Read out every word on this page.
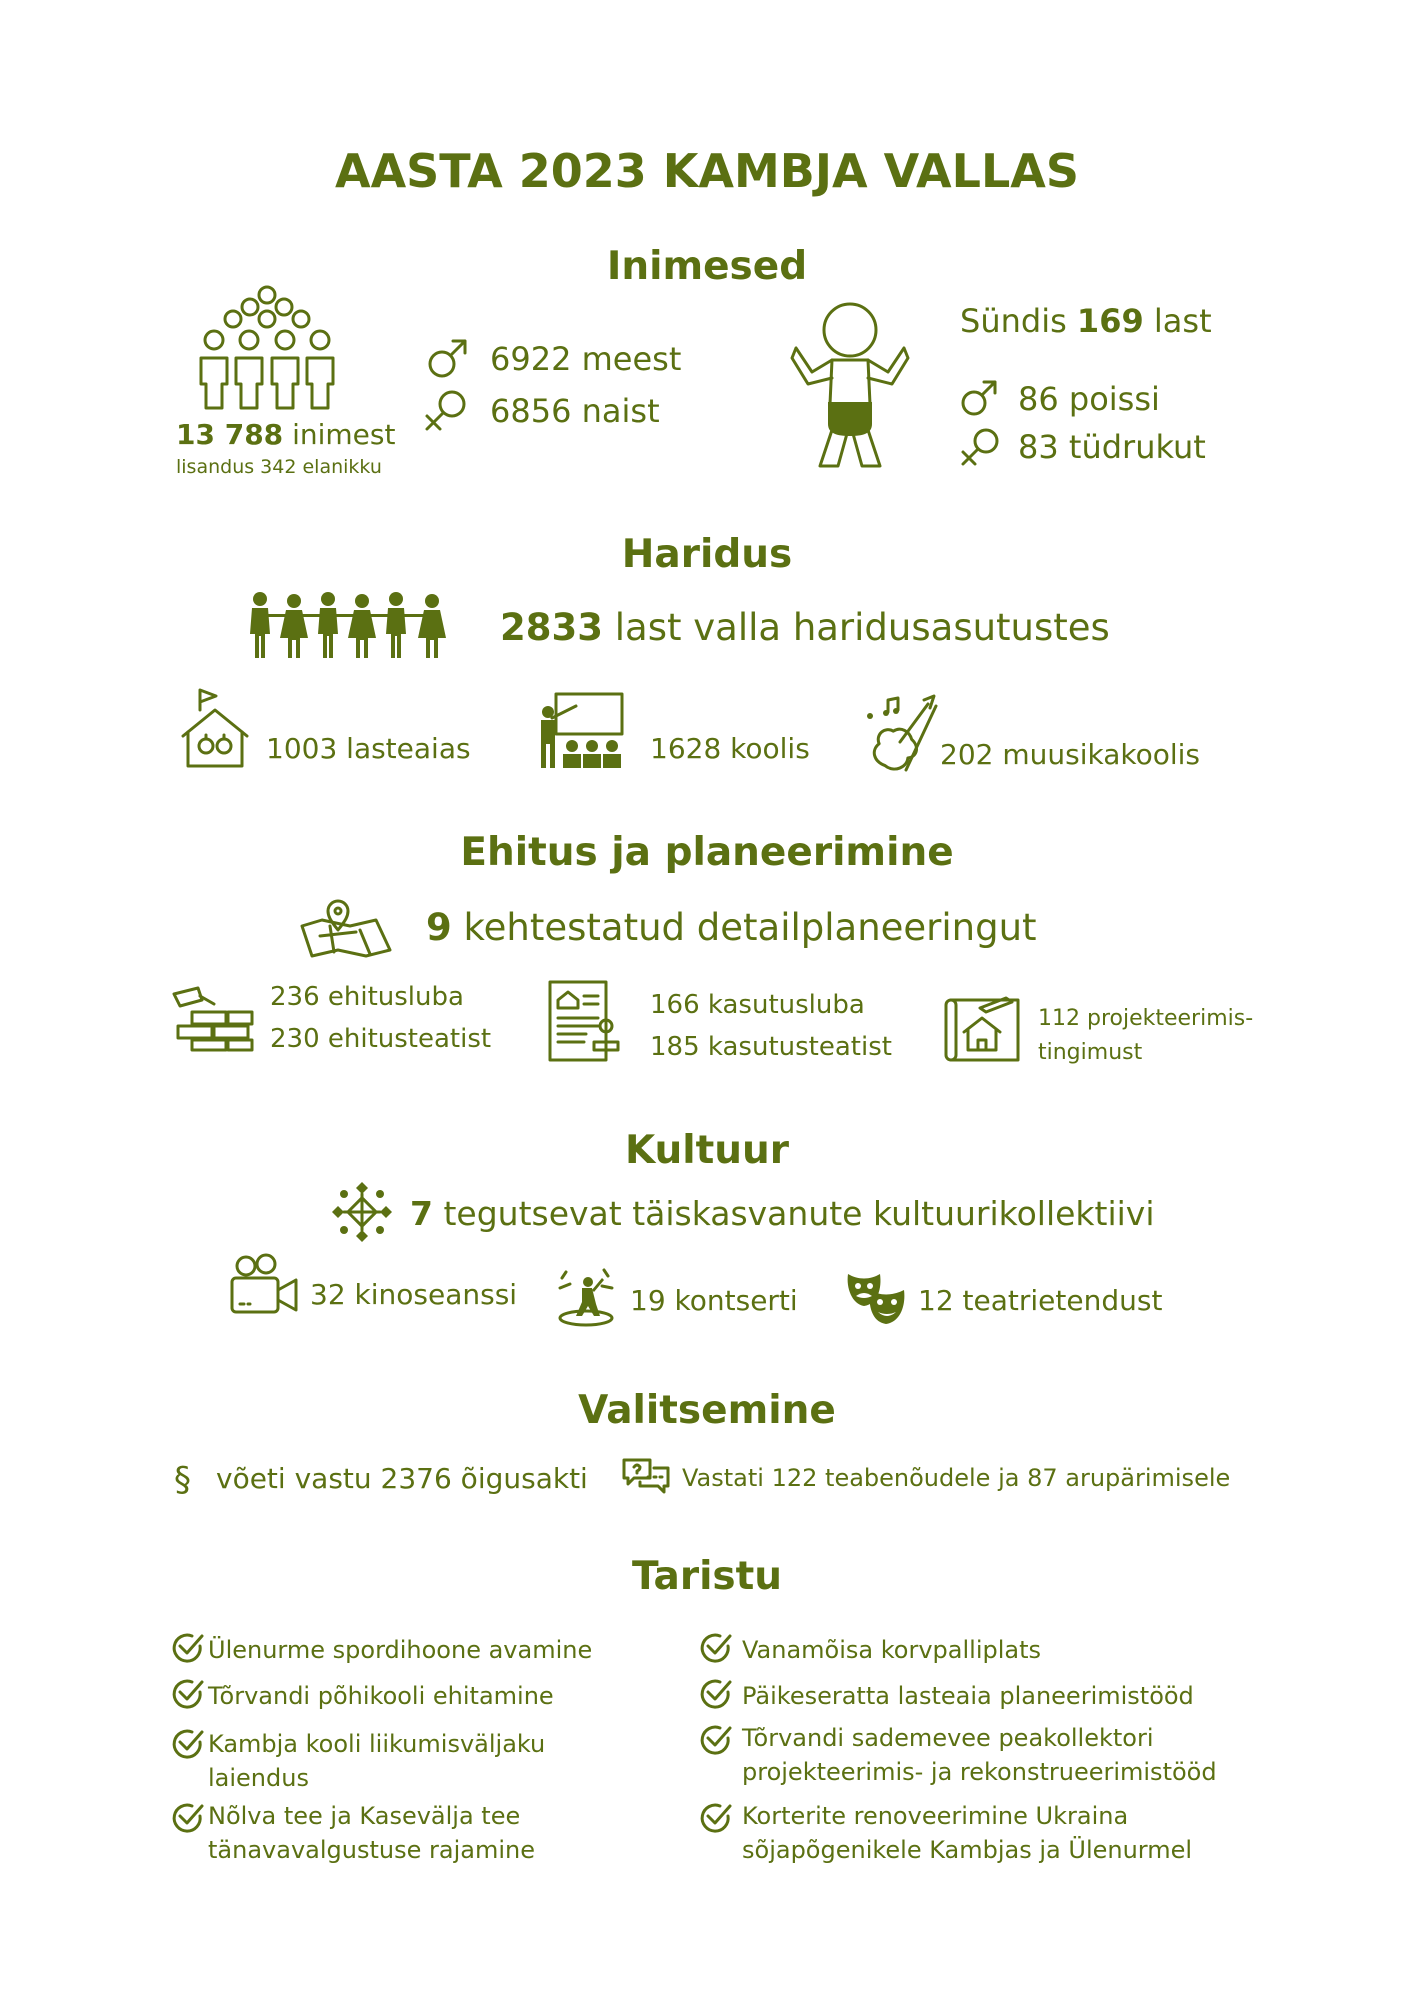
AASTA 2023 KAMBJA VALLAS
Inimesed
13 788 inimest
lisandus 342 elanikku
6922 meest
6856 naist
Sündis 169 last
86 poissi
83 tüdrukut
Haridus
2833 last valla haridusasutustes
1003 lasteaias	1628 koolis	202 muusikakoolis
Ehitus ja planeerimine
9 kehtestatud detailplaneeringut
236 ehitusluba
230 ehitusteatist
166 kasutusluba
185 kasutusteatist
112 projekteerimis-
tingimust
Kultuur
7 tegutsevat täiskasvanute kultuurikollektiivi
32 kinoseanssi	19 kontserti	12 teatrietendust
Valitsemine
§ võeti vastu 2376 õigusakti	Vastati 122 teabenõudele ja 87 arupärimisele
Taristu
Ülenurme spordihoone avamine
Tõrvandi põhikooli ehitamine
Kambja kooli liikumisväljaku
laiendus
Nõlva tee ja Kasevälja tee
tänavavalgustuse rajamine
Vanamõisa korvpalliplats
Päikeseratta lasteaia planeerimistööd
Tõrvandi sademevee peakollektori
projekteerimis- ja rekonstrueerimistööd
Korterite renoveerimine Ukraina
sõjapõgenikele Kambjas ja Ülenurmel
